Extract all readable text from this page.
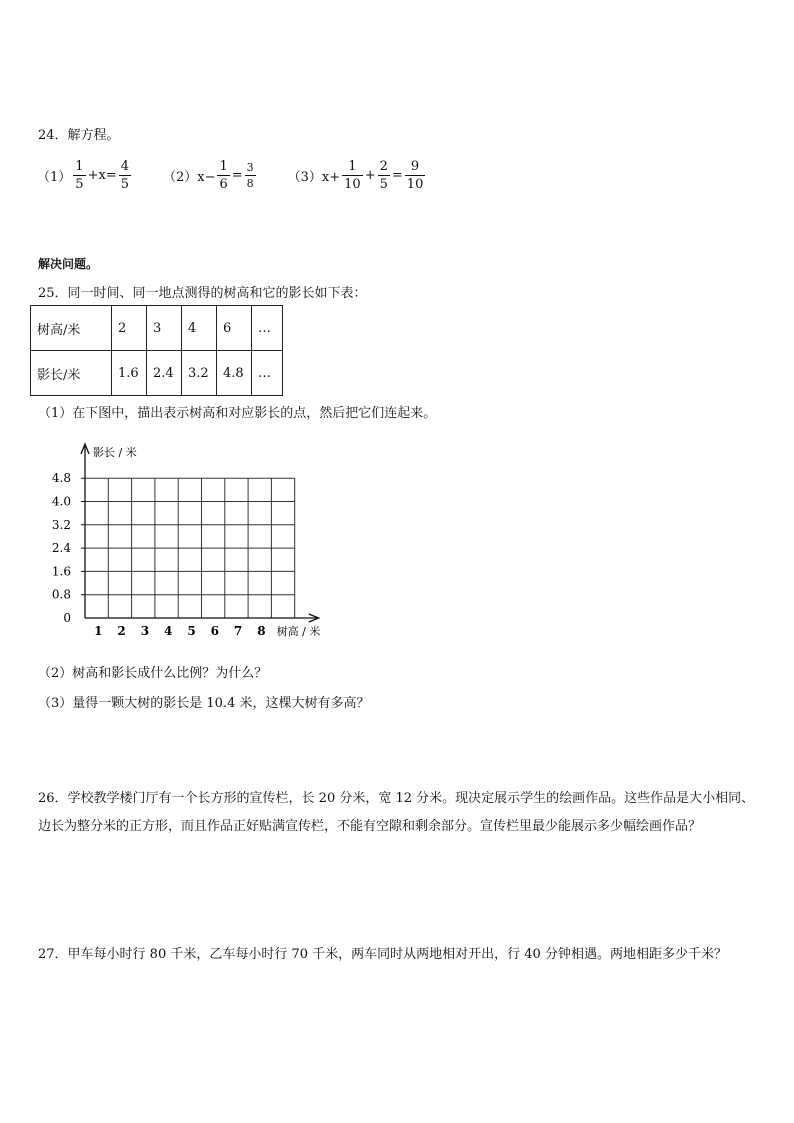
24．解方程。
$(1) \frac{1}{5} +x= \frac{4}{5} (2)x- \frac{1}{6} = \frac{3}{8} (3)x+ \frac{1}{10} + \frac{2}{5} = \frac{9}{10}$
解决问题。
25．同一时间、同一地点测得的树高和它的影长如下表：
树高/米	2	3	4	6	…
影长/米	1.6	2.4	3.2	4.8	…
（1）在下图中，描出表示树高和对应影长的点，然后把它们连起来。
0
0.8
1.6
2.4
3.2
4.0
4.8
1 2 3 4 5 6 7 8
影长 / 米
树高 / 米
（2）树高和影长成什么比例？为什么？
（3）量得一颗大树的影长是 10.4 米，这棵大树有多高？
26．学校教学楼门厅有一个长方形的宣传栏，长 20 分米，宽 12 分米。现决定展示学生的绘画作品。这些作品是大小相同、边长为整分米的正方形，而且作品正好贴满宣传栏，不能有空隙和剩余部分。宣传栏里最少能展示多少幅绘画作品？
27．甲车每小时行 80 千米，乙车每小时行 70 千米，两车同时从两地相对开出，行 40 分钟相遇。两地相距多少千米？
